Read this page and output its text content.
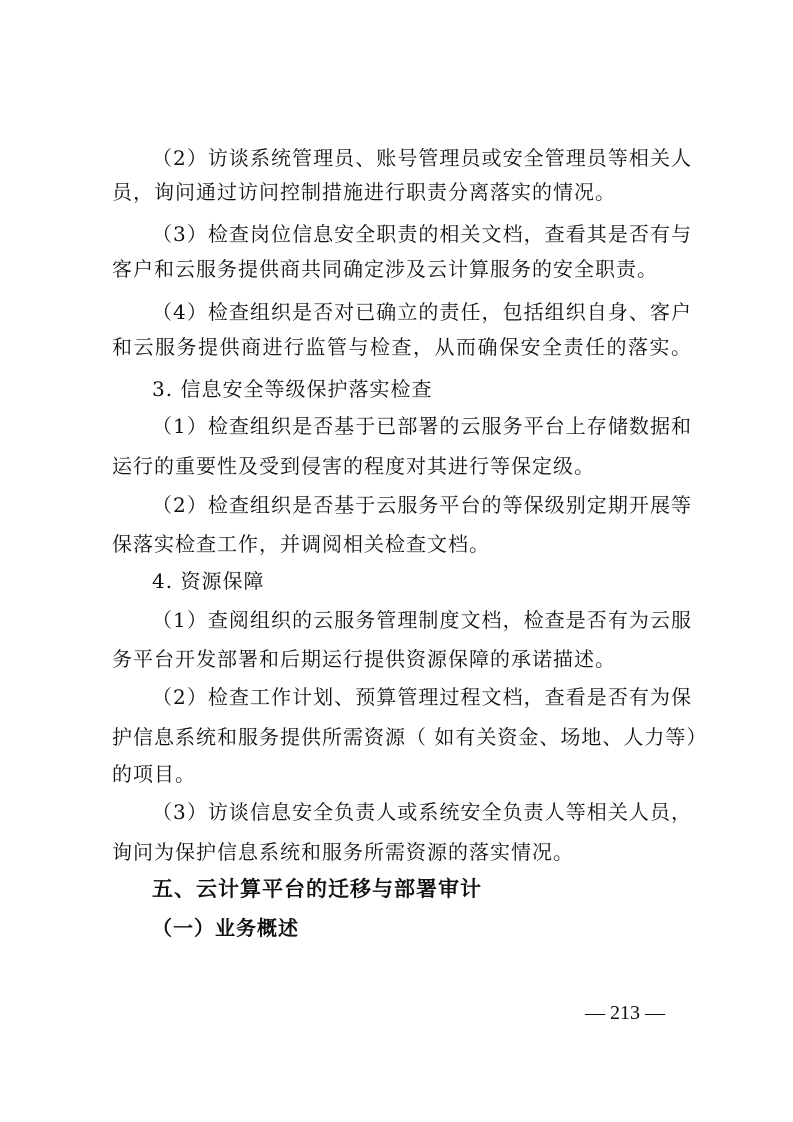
（2）访谈系统管理员、账号管理员或安全管理员等相关人
员，询问通过访问控制措施进行职责分离落实的情况。
（3）检查岗位信息安全职责的相关文档，查看其是否有与
客户和云服务提供商共同确定涉及云计算服务的安全职责。
（4）检查组织是否对已确立的责任，包括组织自身、客户
和云服务提供商进行监管与检查，从而确保安全责任的落实。
3. 信息安全等级保护落实检查
（1）检查组织是否基于已部署的云服务平台上存储数据和
运行的重要性及受到侵害的程度对其进行等保定级。
（2）检查组织是否基于云服务平台的等保级别定期开展等
保落实检查工作，并调阅相关检查文档。
4. 资源保障
（1）查阅组织的云服务管理制度文档，检查是否有为云服
务平台开发部署和后期运行提供资源保障的承诺描述。
（2）检查工作计划、预算管理过程文档，查看是否有为保
护信息系统和服务提供所需资源（ 如有关资金、场地、人力等）
的项目。
（3）访谈信息安全负责人或系统安全负责人等相关人员，
询问为保护信息系统和服务所需资源的落实情况。
五、云计算平台的迁移与部署审计
（一）业务概述
— 213 —
